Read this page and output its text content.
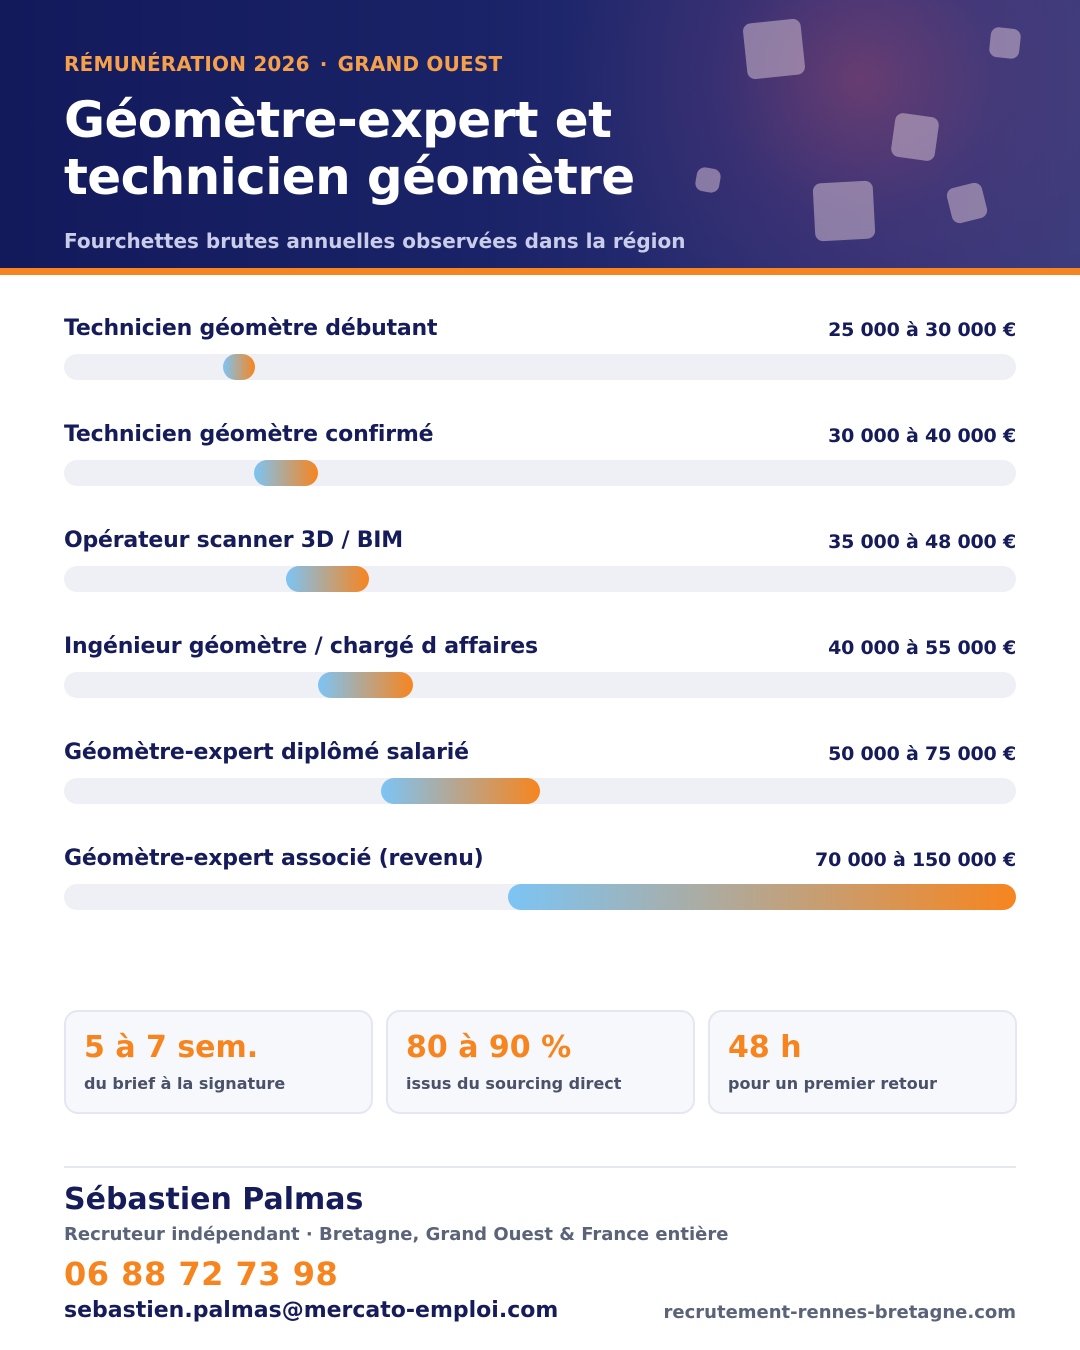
RÉMUNÉRATION 2026 · GRAND OUEST
Géomètre-expert et technicien géomètre
Fourchettes brutes annuelles observées dans la région
Technicien géomètre débutant	25 000 à 30 000 €
Technicien géomètre confirmé	30 000 à 40 000 €
Opérateur scanner 3D / BIM	35 000 à 48 000 €
Ingénieur géomètre / chargé d affaires	40 000 à 55 000 €
Géomètre-expert diplômé salarié	50 000 à 75 000 €
Géomètre-expert associé (revenu)	70 000 à 150 000 €
5 à 7 sem.
du brief à la signature
80 à 90 %
issus du sourcing direct
48 h
pour un premier retour
Sébastien Palmas
Recruteur indépendant · Bretagne, Grand Ouest & France entière
06 88 72 73 98
sebastien.palmas@mercato-emploi.com	recrutement-rennes-bretagne.com
